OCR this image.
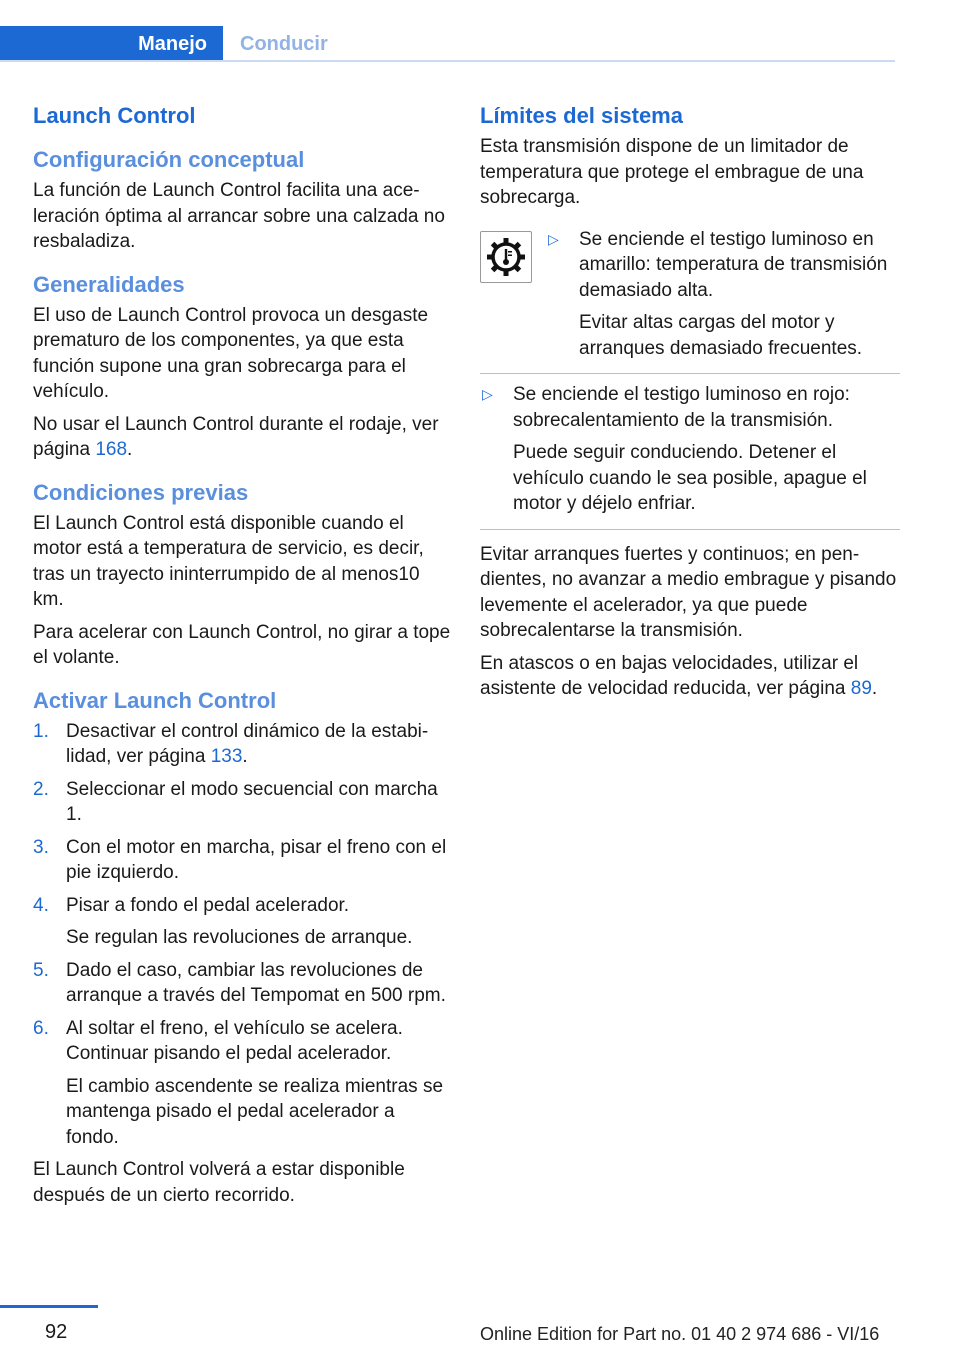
Manejo	Conducir
Launch Control
Configuración conceptual
La función de Launch Control facilita una aceleración óptima al arrancar sobre una calzada no resbaladiza.
Generalidades
El uso de Launch Control provoca un desgaste prematuro de los componentes, ya que esta función supone una gran sobrecarga para el vehículo.
No usar el Launch Control durante el rodaje, ver página 168.
Condiciones previas
El Launch Control está disponible cuando el motor está a temperatura de servicio, es decir, tras un trayecto ininterrumpido de al menos10 km.
Para acelerar con Launch Control, no girar a tope el volante.
Activar Launch Control
1. Desactivar el control dinámico de la estabilidad, ver página 133.
2. Seleccionar el modo secuencial con marcha 1.
3. Con el motor en marcha, pisar el freno con el pie izquierdo.
4. Pisar a fondo el pedal acelerador.
Se regulan las revoluciones de arranque.
5. Dado el caso, cambiar las revoluciones de arranque a través del Tempomat en 500 rpm.
6. Al soltar el freno, el vehículo se acelera. Continuar pisando el pedal acelerador.
El cambio ascendente se realiza mientras se mantenga pisado el pedal acelerador a fondo.
El Launch Control volverá a estar disponible después de un cierto recorrido.
Límites del sistema
Esta transmisión dispone de un limitador de temperatura que protege el embrague de una sobrecarga.
▷ Se enciende el testigo luminoso en amarillo: temperatura de transmisión demasiado alta.
Evitar altas cargas del motor y arranques demasiado frecuentes.
▷ Se enciende el testigo luminoso en rojo: sobrecalentamiento de la transmisión.
Puede seguir conduciendo. Detener el vehículo cuando le sea posible, apague el motor y déjelo enfriar.
Evitar arranques fuertes y continuos; en pendientes, no avanzar a medio embrague y pisando levemente el acelerador, ya que puede sobrecalentarse la transmisión.
En atascos o en bajas velocidades, utilizar el asistente de velocidad reducida, ver página 89.
92	Online Edition for Part no. 01 40 2 974 686 - VI/16
